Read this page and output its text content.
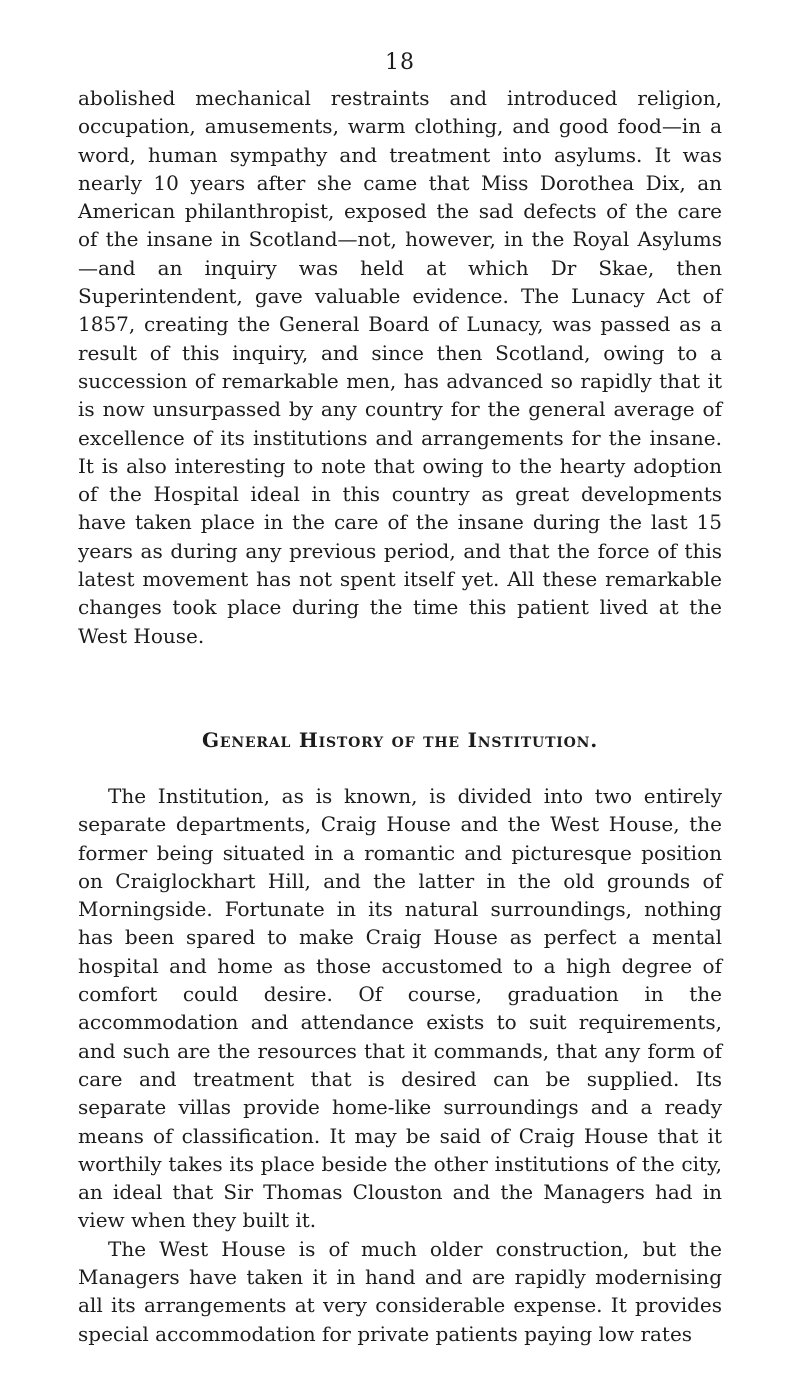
18

abolished mechanical restraints and introduced religion, occupation, amusements, warm clothing, and good food—in a word, human sympathy and treatment into asylums. It was nearly 10 years after she came that Miss Dorothea Dix, an American philanthropist, exposed the sad defects of the care of the insane in Scotland—not, however, in the Royal Asylums—and an inquiry was held at which Dr Skae, then Superintendent, gave valuable evidence. The Lunacy Act of 1857, creating the General Board of Lunacy, was passed as a result of this inquiry, and since then Scotland, owing to a succession of remarkable men, has advanced so rapidly that it is now unsurpassed by any country for the general average of excellence of its institutions and arrangements for the insane. It is also interesting to note that owing to the hearty adoption of the Hospital ideal in this country as great developments have taken place in the care of the insane during the last 15 years as during any previous period, and that the force of this latest movement has not spent itself yet. All these remarkable changes took place during the time this patient lived at the West House.

General History of the Institution.
The Institution, as is known, is divided into two entirely separate departments, Craig House and the West House, the former being situated in a romantic and picturesque position on Craiglockhart Hill, and the latter in the old grounds of Morningside. Fortunate in its natural surroundings, nothing has been spared to make Craig House as perfect a mental hospital and home as those accustomed to a high degree of comfort could desire. Of course, graduation in the accommodation and attendance exists to suit requirements, and such are the resources that it commands, that any form of care and treatment that is desired can be supplied. Its separate villas provide home-like surroundings and a ready means of classification. It may be said of Craig House that it worthily takes its place beside the other institutions of the city, an ideal that Sir Thomas Clouston and the Managers had in view when they built it.
The West House is of much older construction, but the Managers have taken it in hand and are rapidly modernising all its arrangements at very considerable expense. It provides special accommodation for private patients paying low rates
